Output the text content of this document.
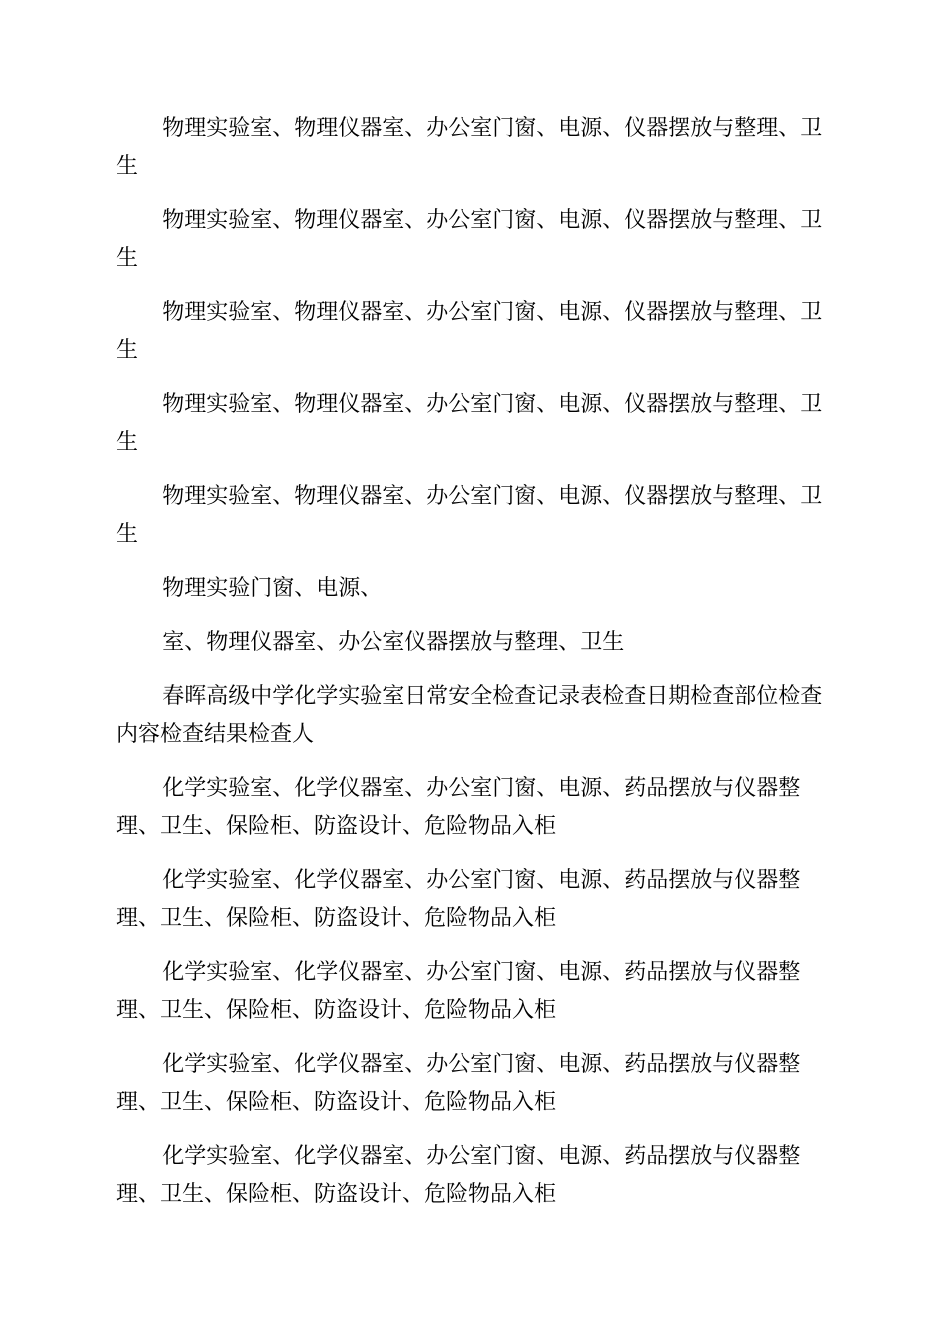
物理实验室、物理仪器室、办公室门窗、电源、仪器摆放与整理、卫生

物理实验室、物理仪器室、办公室门窗、电源、仪器摆放与整理、卫生

物理实验室、物理仪器室、办公室门窗、电源、仪器摆放与整理、卫生

物理实验室、物理仪器室、办公室门窗、电源、仪器摆放与整理、卫生

物理实验室、物理仪器室、办公室门窗、电源、仪器摆放与整理、卫生

物理实验门窗、电源、

室、物理仪器室、办公室仪器摆放与整理、卫生

春晖高级中学化学实验室日常安全检查记录表检查日期检查部位检查内容检查结果检查人

化学实验室、化学仪器室、办公室门窗、电源、药品摆放与仪器整理、卫生、保险柜、防盗设计、危险物品入柜

化学实验室、化学仪器室、办公室门窗、电源、药品摆放与仪器整理、卫生、保险柜、防盗设计、危险物品入柜

化学实验室、化学仪器室、办公室门窗、电源、药品摆放与仪器整理、卫生、保险柜、防盗设计、危险物品入柜

化学实验室、化学仪器室、办公室门窗、电源、药品摆放与仪器整理、卫生、保险柜、防盗设计、危险物品入柜

化学实验室、化学仪器室、办公室门窗、电源、药品摆放与仪器整理、卫生、保险柜、防盗设计、危险物品入柜
